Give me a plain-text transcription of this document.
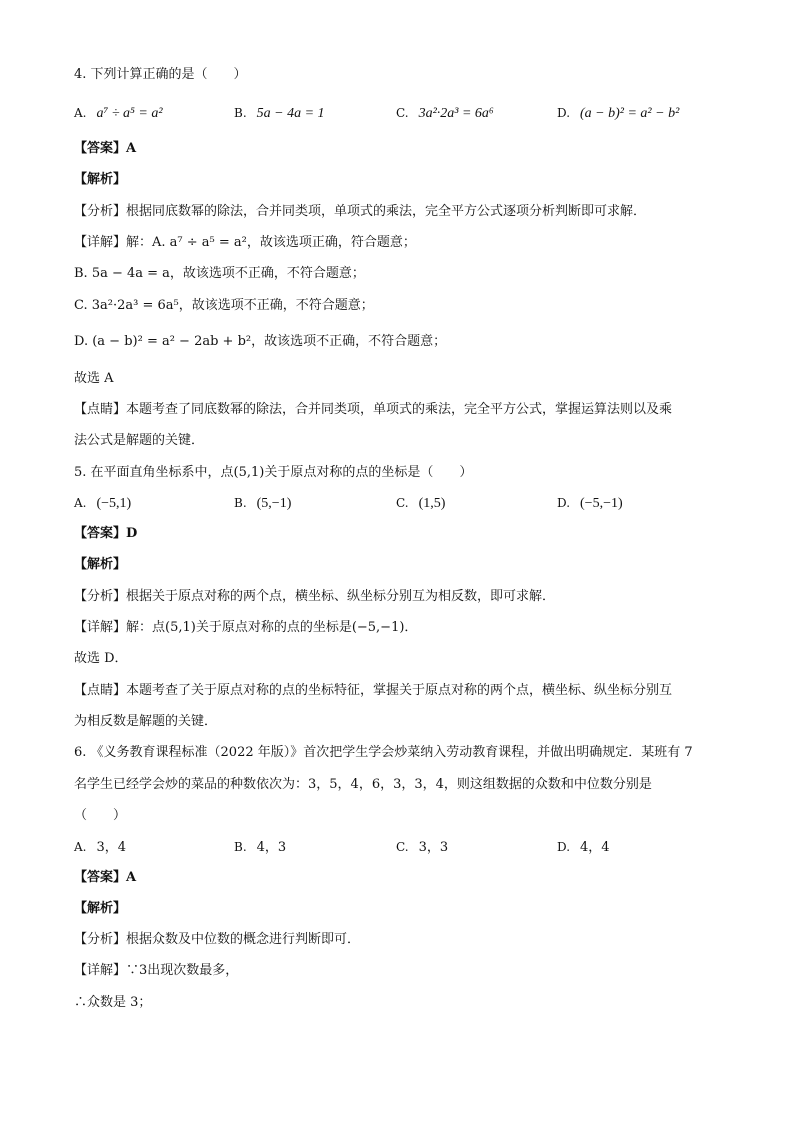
4. 下列计算正确的是（　　）
A. a⁷ ÷ a⁵ = a²	B. 5a − 4a = 1	C. 3a²·2a³ = 6a⁶	D. (a − b)² = a² − b²
【答案】A
【解析】
【分析】根据同底数幂的除法，合并同类项，单项式的乘法，完全平方公式逐项分析判断即可求解．
【详解】解：A. a⁷ ÷ a⁵ = a²，故该选项正确，符合题意；
B. 5a − 4a = a，故该选项不正确，不符合题意；
C. 3a²·2a³ = 6a⁵，故该选项不正确，不符合题意；
D. (a − b)² = a² − 2ab + b²，故该选项不正确，不符合题意；
故选 A
【点睛】本题考查了同底数幂的除法，合并同类项，单项式的乘法，完全平方公式，掌握运算法则以及乘
法公式是解题的关键．
5. 在平面直角坐标系中，点(5,1)关于原点对称的点的坐标是（　　）
A. (−5,1)	B. (5,−1)	C. (1,5)	D. (−5,−1)
【答案】D
【解析】
【分析】根据关于原点对称的两个点，横坐标、纵坐标分别互为相反数，即可求解．
【详解】解：点(5,1)关于原点对称的点的坐标是(−5,−1)．
故选 D．
【点睛】本题考查了关于原点对称的点的坐标特征，掌握关于原点对称的两个点，横坐标、纵坐标分别互
为相反数是解题的关键．
6. 《义务教育课程标准（2022 年版）》首次把学生学会炒菜纳入劳动教育课程，并做出明确规定．某班有 7
名学生已经学会炒的菜品的种数依次为：3，5，4，6，3，3，4，则这组数据的众数和中位数分别是
（　　）
A. 3，4	B. 4，3	C. 3，3	D. 4，4
【答案】A
【解析】
【分析】根据众数及中位数的概念进行判断即可．
【详解】∵3出现次数最多，
∴众数是 3；
